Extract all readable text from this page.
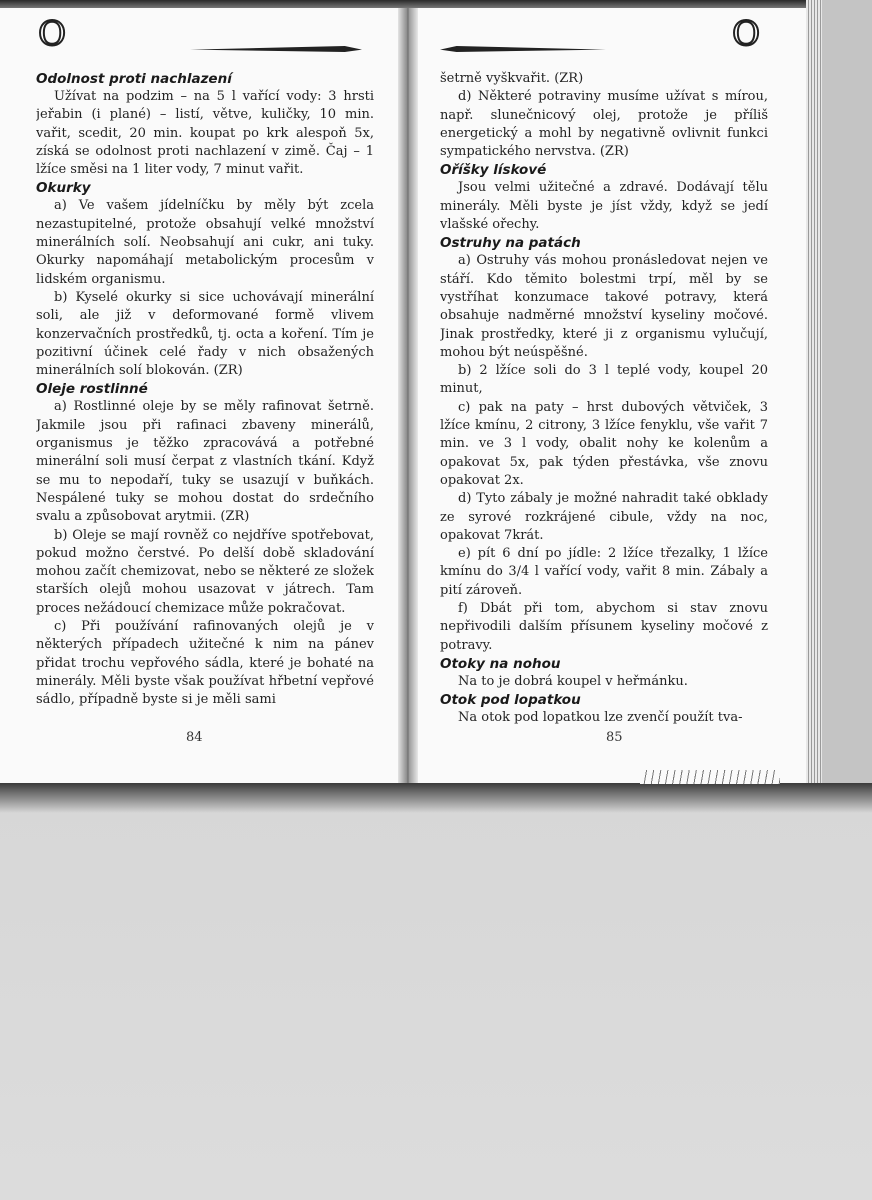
Odolnost proti nachlazení

Užívat na podzim – na 5 l vařící vody: 3 hrsti jeřabin (i plané) – listí, větve, kuličky, 10 min. vařit, scedit, 20 min. koupat po krk alespoň 5x, získá se odolnost proti nachlazení v zimě. Čaj – 1 lžíce směsi na 1 liter vody, 7 minut vařit.

Okurky

a) Ve vašem jídelníčku by měly být zcela nezastupitelné, protože obsahují velké množství minerálních solí. Neobsahují ani cukr, ani tuky. Okurky napomáhají metabolickým procesům v lidském organismu.

b) Kyselé okurky si sice uchovávají minerální soli, ale již v deformované formě vlivem konzervačních prostředků, tj. octa a koření. Tím je pozitivní účinek celé řady v nich obsažených minerálních solí blokován. (ZR)

Oleje rostlinné

a) Rostlinné oleje by se měly rafinovat šetrně. Jakmile jsou při rafinaci zbaveny minerálů, organismus je těžko zpracovává a potřebné minerální soli musí čerpat z vlastních tkání. Když se mu to nepodaří, tuky se usazují v buňkách. Nespálené tuky se mohou dostat do srdečního svalu a způsobovat arytmii. (ZR)

b) Oleje se mají rovněž co nejdříve spotřebovat, pokud možno čerstvé. Po delší době skladování mohou začít chemizovat, nebo se některé ze složek starších olejů mohou usazovat v játrech. Tam proces nežádoucí chemizace může pokračovat.

c) Při používání rafinovaných olejů je v některých případech užitečné k nim na pánev přidat trochu vepřového sádla, které je bohaté na minerály. Měli byste však používat hřbetní vepřové sádlo, případně byste si je měli sami

šetrně vyškvařit. (ZR)

d) Některé potraviny musíme užívat s mírou, např. slunečnicový olej, protože je příliš energetický a mohl by negativně ovlivnit funkci sympatického nervstva. (ZR)

Oříšky lískové

Jsou velmi užitečné a zdravé. Dodávají tělu minerály. Měli byste je jíst vždy, když se jedí vlašské ořechy.

Ostruhy na patách

a) Ostruhy vás mohou pronásledovat nejen ve stáří. Kdo těmito bolestmi trpí, měl by se vystříhat konzumace takové potravy, která obsahuje nadměrné množství kyseliny močové. Jinak prostředky, které ji z organismu vylučují, mohou být neúspěšné.

b) 2 lžíce soli do 3 l teplé vody, koupel 20 minut,

c) pak na paty – hrst dubových větviček, 3 lžíce kmínu, 2 citrony, 3 lžíce fenyklu, vše vařit 7 min. ve 3 l vody, obalit nohy ke kolenům a opakovat 5x, pak týden přestávka, vše znovu opakovat 2x.

d) Tyto zábaly je možné nahradit také obklady ze syrové rozkrájené cibule, vždy na noc, opakovat 7krát.

e) pít 6 dní po jídle: 2 lžíce třezalky, 1 lžíce kmínu do 3/4 l vařící vody, vařit 8 min. Zábaly a pití zároveň.

f) Dbát při tom, abychom si stav znovu nepřivodili dalším přísunem kyseliny močové z potravy.

Otoky na nohou

Na to je dobrá koupel v heřmánku.

Otok pod lopatkou

Na otok pod lopatkou lze zvenčí použít tva-

O	O
84	85
